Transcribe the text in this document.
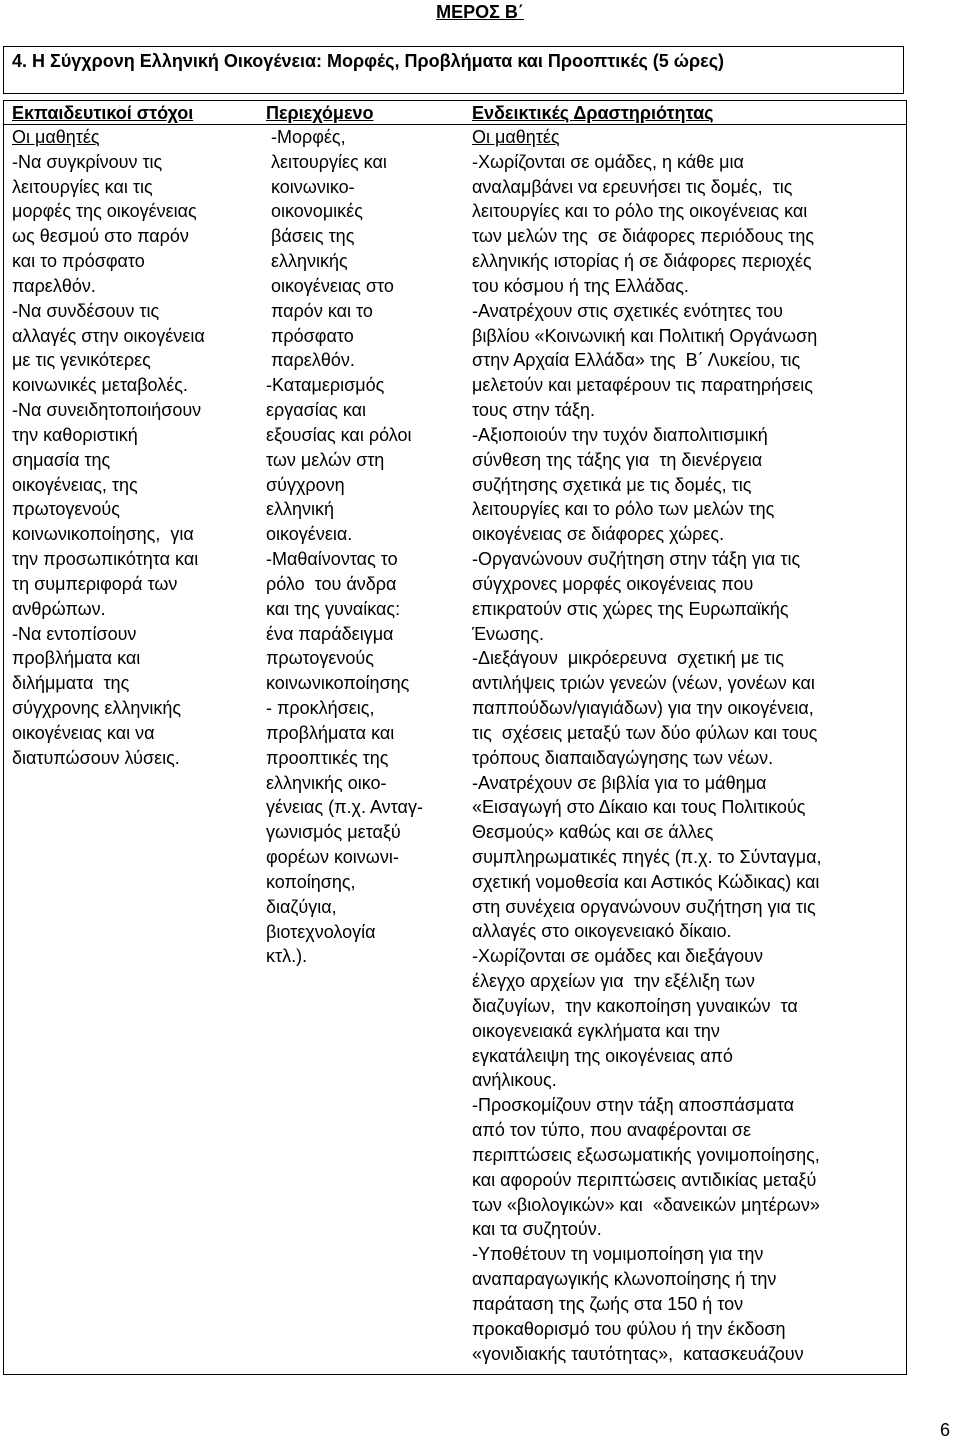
ΜΕΡΟΣ Β΄
4. Η Σύγχρονη Ελληνική Οικογένεια: Μορφές, Προβλήματα και Προοπτικές (5 ώρες)
Εκπαιδευτικοί στόχοι	Περιεχόμενο	Ενδεικτικές Δραστηριότητας
Οι μαθητές
-Να συγκρίνουν τις
λειτουργίες και τις
μορφές της οικογένειας
ως θεσμού στο παρόν
και το πρόσφατο
παρελθόν.
-Να συνδέσουν τις
αλλαγές στην οικογένεια
με τις γενικότερες
κοινωνικές μεταβολές.
-Να συνειδητοποιήσουν
την καθοριστική
σημασία της
οικογένειας, της
πρωτογενούς
κοινωνικοποίησης,  για
την προσωπικότητα και
τη συμπεριφορά των
ανθρώπων.
-Να εντοπίσουν
προβλήματα και
διλήμματα  της
σύγχρονης ελληνικής
οικογένειας και να
διατυπώσουν λύσεις.
-Μορφές,
λειτουργίες και
κοινωνικο-
οικονομικές
βάσεις της
ελληνικής
οικογένειας στο
παρόν και το
πρόσφατο
παρελθόν.
-Καταμερισμός
εργασίας και
εξουσίας και ρόλοι
των μελών στη
σύγχρονη
ελληνική
οικογένεια.
-Μαθαίνοντας το
ρόλο  του άνδρα
και της γυναίκας:
ένα παράδειγμα
πρωτογενούς
κοινωνικοποίησης
- προκλήσεις,
προβλήματα και
προοπτικές της
ελληνικής οικο-
γένειας (π.χ. Ανταγ-
γωνισμός μεταξύ
φορέων κοινωνι-
κοποίησης,
διαζύγια,
βιοτεχνολογία
κτλ.).
Οι μαθητές
-Χωρίζονται σε ομάδες, η κάθε μια
αναλαμβάνει να ερευνήσει τις δομές,  τις
λειτουργίες και το ρόλο της οικογένειας και
των μελών της  σε διάφορες περιόδους της
ελληνικής ιστορίας ή σε διάφορες περιοχές
του κόσμου ή της Ελλάδας.
-Ανατρέχουν στις σχετικές ενότητες του
βιβλίου «Κοινωνική και Πολιτική Οργάνωση
στην Αρχαία Ελλάδα» της  Β΄ Λυκείου, τις
μελετούν και μεταφέρουν τις παρατηρήσεις
τους στην τάξη.
-Αξιοποιούν την τυχόν διαπολιτισμική
σύνθεση της τάξης για  τη διενέργεια
συζήτησης σχετικά με τις δομές, τις
λειτουργίες και το ρόλο των μελών της
οικογένειας σε διάφορες χώρες.
-Οργανώνουν συζήτηση στην τάξη για τις
σύγχρονες μορφές οικογένειας που
επικρατούν στις χώρες της Ευρωπαϊκής
Ένωσης.
-Διεξάγουν  μικρόερευνα  σχετική με τις
αντιλήψεις τριών γενεών (νέων, γονέων και
παππούδων/γιαγιάδων) για την οικογένεια,
τις  σχέσεις μεταξύ των δύο φύλων και τους
τρόπους διαπαιδαγώγησης των νέων.
-Ανατρέχουν σε βιβλία για το μάθημα
«Εισαγωγή στο Δίκαιο και τους Πολιτικούς
Θεσμούς» καθώς και σε άλλες
συμπληρωματικές πηγές (π.χ. το Σύνταγμα,
σχετική νομοθεσία και Αστικός Κώδικας) και
στη συνέχεια οργανώνουν συζήτηση για τις
αλλαγές στο οικογενειακό δίκαιο.
-Χωρίζονται σε ομάδες και διεξάγουν
έλεγχο αρχείων για  την εξέλιξη των
διαζυγίων,  την κακοποίηση γυναικών  τα
οικογενειακά εγκλήματα και την
εγκατάλειψη της οικογένειας από
ανήλικους.
-Προσκομίζουν στην τάξη αποσπάσματα
από τον τύπο, που αναφέρονται σε
περιπτώσεις εξωσωματικής γονιμοποίησης,
και αφορούν περιπτώσεις αντιδικίας μεταξύ
των «βιολογικών» και  «δανεικών μητέρων»
και τα συζητούν.
-Υποθέτουν τη νομιμοποίηση για την
αναπαραγωγικής κλωνοποίησης ή την
παράταση της ζωής στα 150 ή τον
προκαθορισμό του φύλου ή την έκδοση
«γονιδιακής ταυτότητας»,  κατασκευάζουν
6
